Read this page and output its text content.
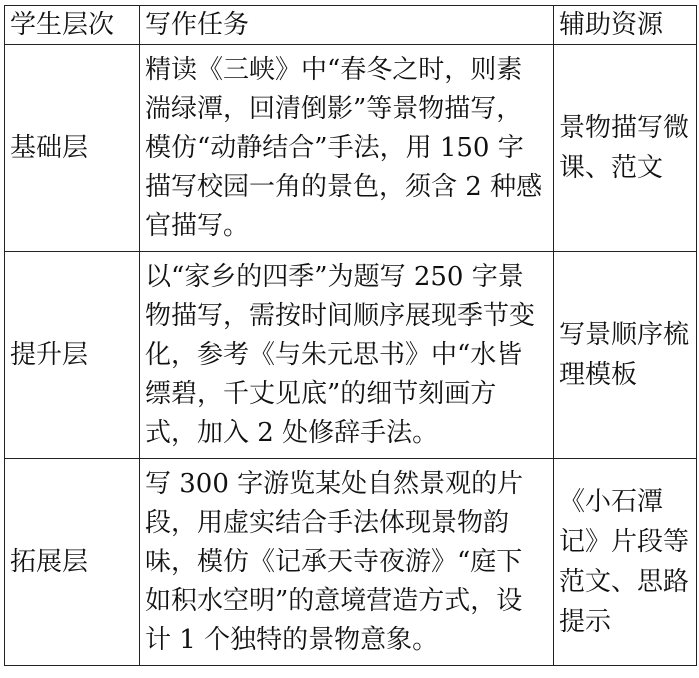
学生层次	写作任务	辅助资源

基础层	精读《三峡》中“春冬之时，则素湍绿潭，回清倒影”等景物描写，模仿“动静结合”手法，用 150 字描写校园一角的景色，须含 2 种感官描写。	景物描写微课、范文

提升层	以“家乡的四季”为题写 250 字景物描写，需按时间顺序展现季节变化，参考《与朱元思书》中“水皆缥碧，千丈见底”的细节刻画方式，加入 2 处修辞手法。	写景顺序梳理模板

拓展层	写 300 字游览某处自然景观的片段，用虚实结合手法体现景物韵味，模仿《记承天寺夜游》“庭下如积水空明”的意境营造方式，设计 1 个独特的景物意象。	《小石潭记》片段等范文、思路提示
